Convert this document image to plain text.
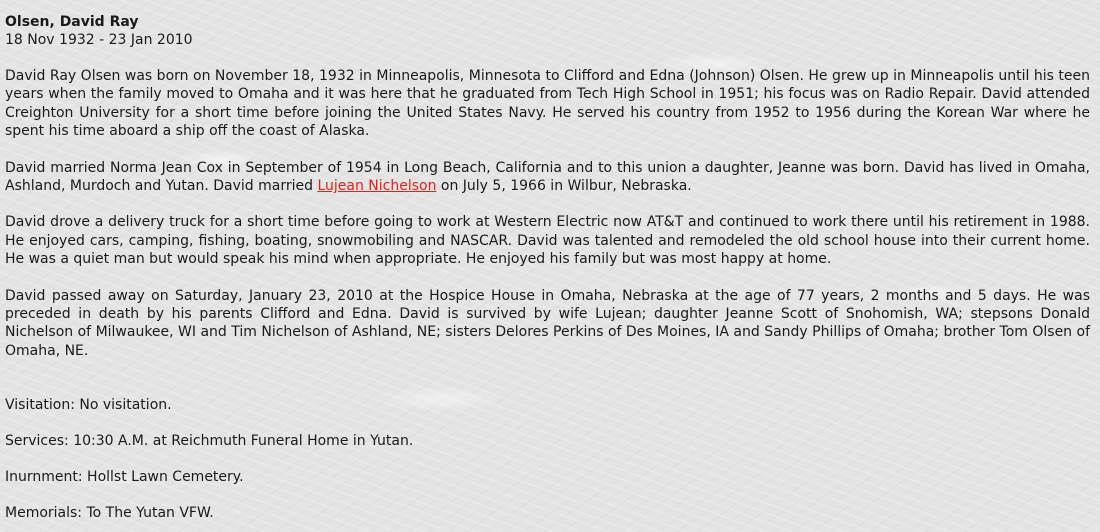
Olsen, David Ray
18 Nov 1932 - 23 Jan 2010

David Ray Olsen was born on November 18, 1932 in Minneapolis, Minnesota to Clifford and Edna (Johnson) Olsen. He grew up in Minneapolis until his teen years when the family moved to Omaha and it was here that he graduated from Tech High School in 1951; his focus was on Radio Repair. David attended Creighton University for a short time before joining the United States Navy. He served his country from 1952 to 1956 during the Korean War where he spent his time aboard a ship off the coast of Alaska.

David married Norma Jean Cox in September of 1954 in Long Beach, California and to this union a daughter, Jeanne was born. David has lived in Omaha, Ashland, Murdoch and Yutan. David married Lujean Nichelson on July 5, 1966 in Wilbur, Nebraska.

David drove a delivery truck for a short time before going to work at Western Electric now AT&T and continued to work there until his retirement in 1988. He enjoyed cars, camping, fishing, boating, snowmobiling and NASCAR. David was talented and remodeled the old school house into their current home. He was a quiet man but would speak his mind when appropriate. He enjoyed his family but was most happy at home.

David passed away on Saturday, January 23, 2010 at the Hospice House in Omaha, Nebraska at the age of 77 years, 2 months and 5 days. He was preceded in death by his parents Clifford and Edna. David is survived by wife Lujean; daughter Jeanne Scott of Snohomish, WA; stepsons Donald Nichelson of Milwaukee, WI and Tim Nichelson of Ashland, NE; sisters Delores Perkins of Des Moines, IA and Sandy Phillips of Omaha; brother Tom Olsen of Omaha, NE.

Visitation: No visitation.
Services: 10:30 A.M. at Reichmuth Funeral Home in Yutan.
Inurnment: Hollst Lawn Cemetery.
Memorials: To The Yutan VFW.
